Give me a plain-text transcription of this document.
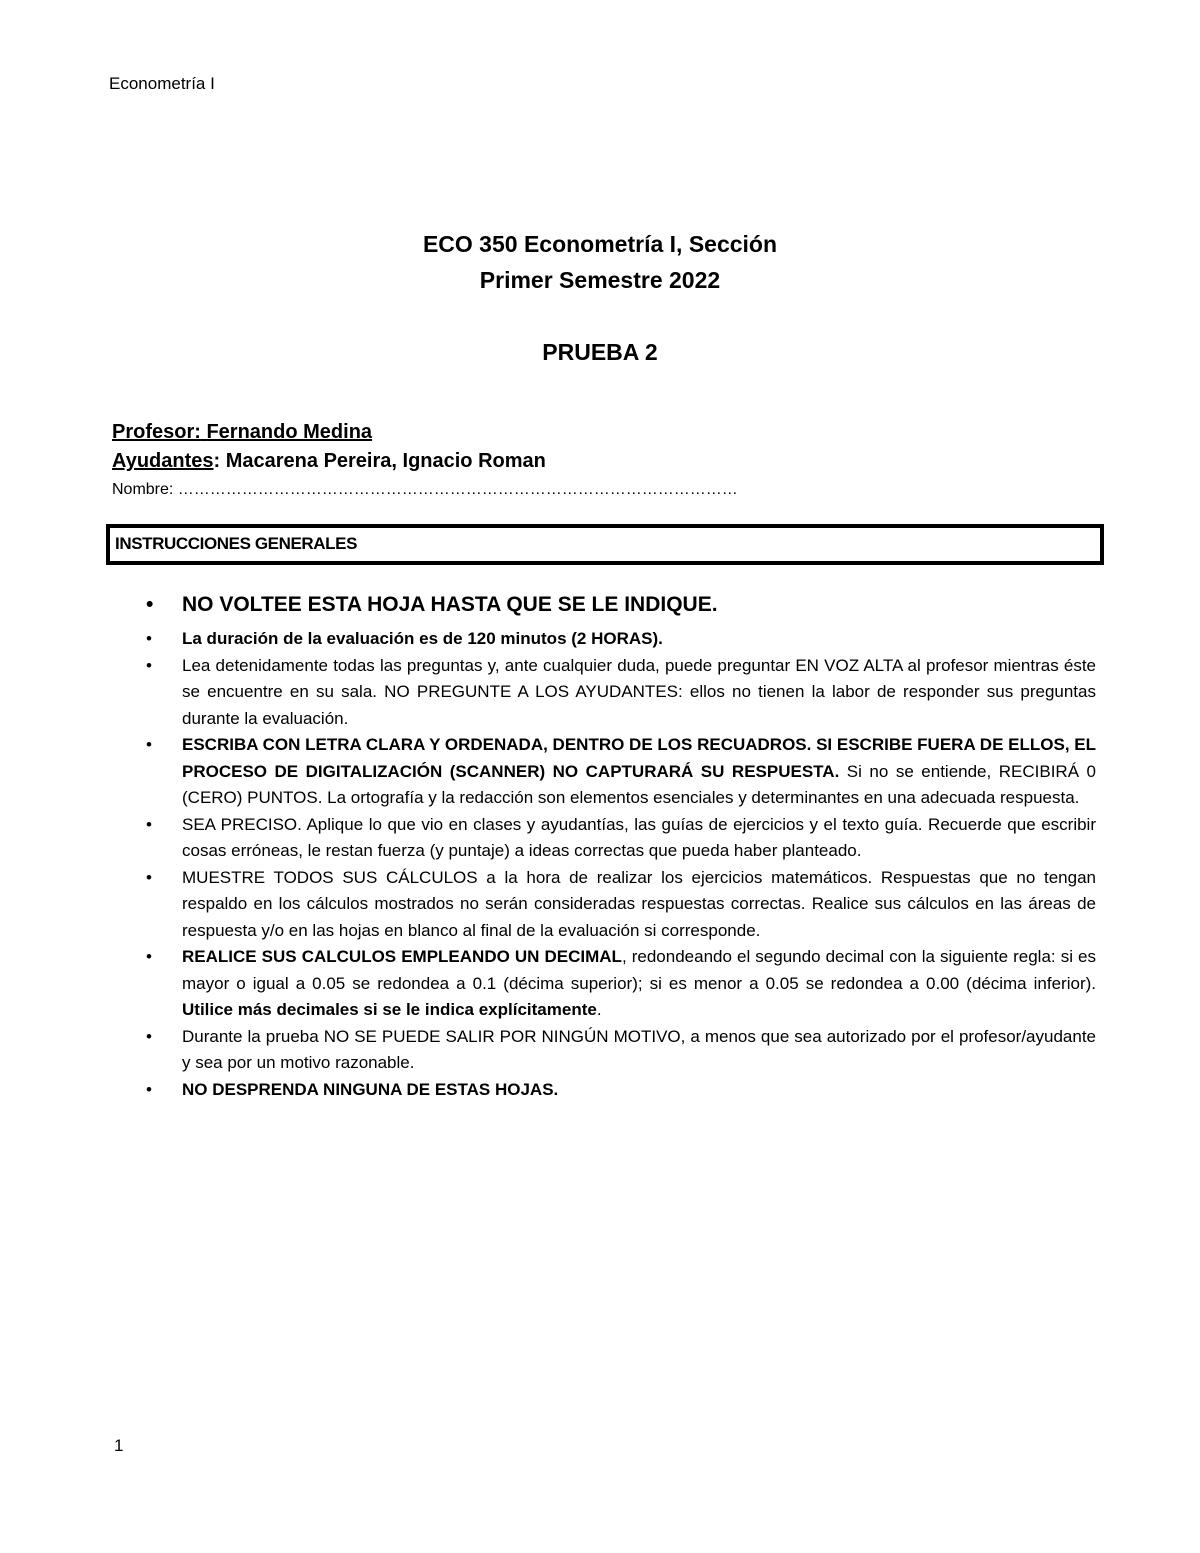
Econometría I
ECO 350 Econometría I, Sección
Primer Semestre 2022
PRUEBA 2
Profesor: Fernando Medina
Ayudantes: Macarena Pereira, Ignacio Roman
Nombre: ……………………………………………………………………………………………
INSTRUCCIONES GENERALES
• NO VOLTEE ESTA HOJA HASTA QUE SE LE INDIQUE.
• La duración de la evaluación es de 120 minutos (2 HORAS).
• Lea detenidamente todas las preguntas y, ante cualquier duda, puede preguntar EN VOZ ALTA al profesor mientras éste se encuentre en su sala. NO PREGUNTE A LOS AYUDANTES: ellos no tienen la labor de responder sus preguntas durante la evaluación.
• ESCRIBA CON LETRA CLARA Y ORDENADA, DENTRO DE LOS RECUADROS. SI ESCRIBE FUERA DE ELLOS, EL PROCESO DE DIGITALIZACIÓN (SCANNER) NO CAPTURARÁ SU RESPUESTA. Si no se entiende, RECIBIRÁ 0 (CERO) PUNTOS. La ortografía y la redacción son elementos esenciales y determinantes en una adecuada respuesta.
• SEA PRECISO. Aplique lo que vio en clases y ayudantías, las guías de ejercicios y el texto guía. Recuerde que escribir cosas erróneas, le restan fuerza (y puntaje) a ideas correctas que pueda haber planteado.
• MUESTRE TODOS SUS CÁLCULOS a la hora de realizar los ejercicios matemáticos. Respuestas que no tengan respaldo en los cálculos mostrados no serán consideradas respuestas correctas. Realice sus cálculos en las áreas de respuesta y/o en las hojas en blanco al final de la evaluación si corresponde.
• REALICE SUS CALCULOS EMPLEANDO UN DECIMAL, redondeando el segundo decimal con la siguiente regla: si es mayor o igual a 0.05 se redondea a 0.1 (décima superior); si es menor a 0.05 se redondea a 0.00 (décima inferior). Utilice más decimales si se le indica explícitamente.
• Durante la prueba NO SE PUEDE SALIR POR NINGÚN MOTIVO, a menos que sea autorizado por el profesor/ayudante y sea por un motivo razonable.
• NO DESPRENDA NINGUNA DE ESTAS HOJAS.
1
